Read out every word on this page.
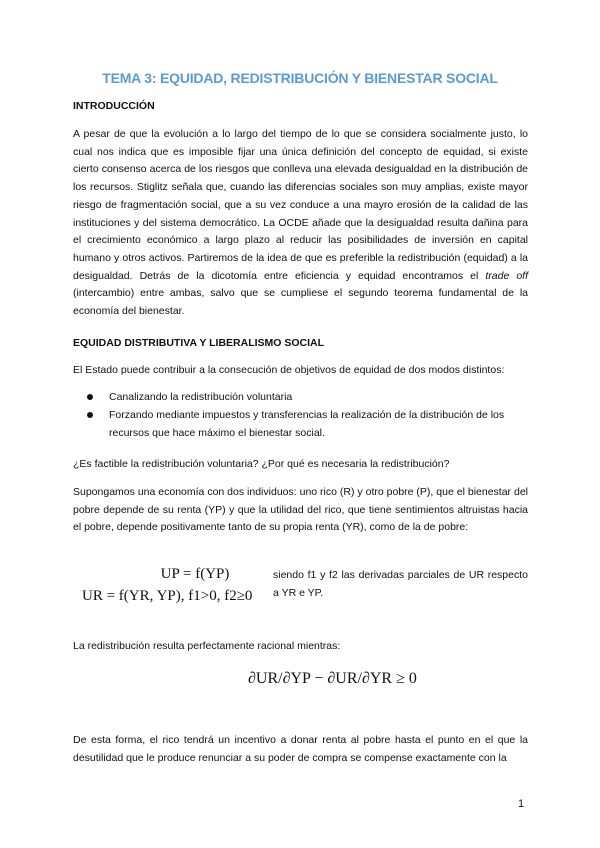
TEMA 3: EQUIDAD, REDISTRIBUCIÓN Y BIENESTAR SOCIAL
INTRODUCCIÓN
A pesar de que la evolución a lo largo del tiempo de lo que se considera socialmente justo, lo cual nos indica que es imposible fijar una única definición del concepto de equidad, si existe cierto consenso acerca de los riesgos que conlleva una elevada desigualdad en la distribución de los recursos. Stiglitz señala que, cuando las diferencias sociales son muy amplias, existe mayor riesgo de fragmentación social, que a su vez conduce a una mayro erosión de la calidad de las instituciones y del sistema democrático. La OCDE añade que la desigualdad resulta dañina para el crecimiento económico a largo plazo al reducir las posibilidades de inversión en capital humano y otros activos. Partiremos de la idea de que es preferible la redistribución (equidad) a la desigualdad. Detrás de la dicotomía entre eficiencia y equidad encontramos el trade off (intercambio) entre ambas, salvo que se cumpliese el segundo teorema fundamental de la economía del bienestar.
EQUIDAD DISTRIBUTIVA Y LIBERALISMO SOCIAL
El Estado puede contribuir a la consecución de objetivos de equidad de dos modos distintos:
Canalizando la redistribución voluntaria
Forzando mediante impuestos y transferencias la realización de la distribución de los recursos que hace máximo el bienestar social.
¿Es factible la redistribución voluntaria? ¿Por qué es necesaria la redistribución?
Supongamos una economía con dos individuos: uno rico (R) y otro pobre (P), que el bienestar del pobre depende de su renta (YP) y que la utilidad del rico, que tiene sentimientos altruistas hacia el pobre, depende positivamente tanto de su propia renta (YR), como de la de pobre:
UP = f(YP)
UR = f(YR, YP), f1>0, f2≥0
siendo f1 y f2 las derivadas parciales de UR respecto a YR e YP.
La redistribución resulta perfectamente racional mientras:
∂UR/∂YP − ∂UR/∂YR ≥ 0
De esta forma, el rico tendrá un incentivo a donar renta al pobre hasta el punto en el que la desutilidad que le produce renunciar a su poder de compra se compense exactamente con la
1
